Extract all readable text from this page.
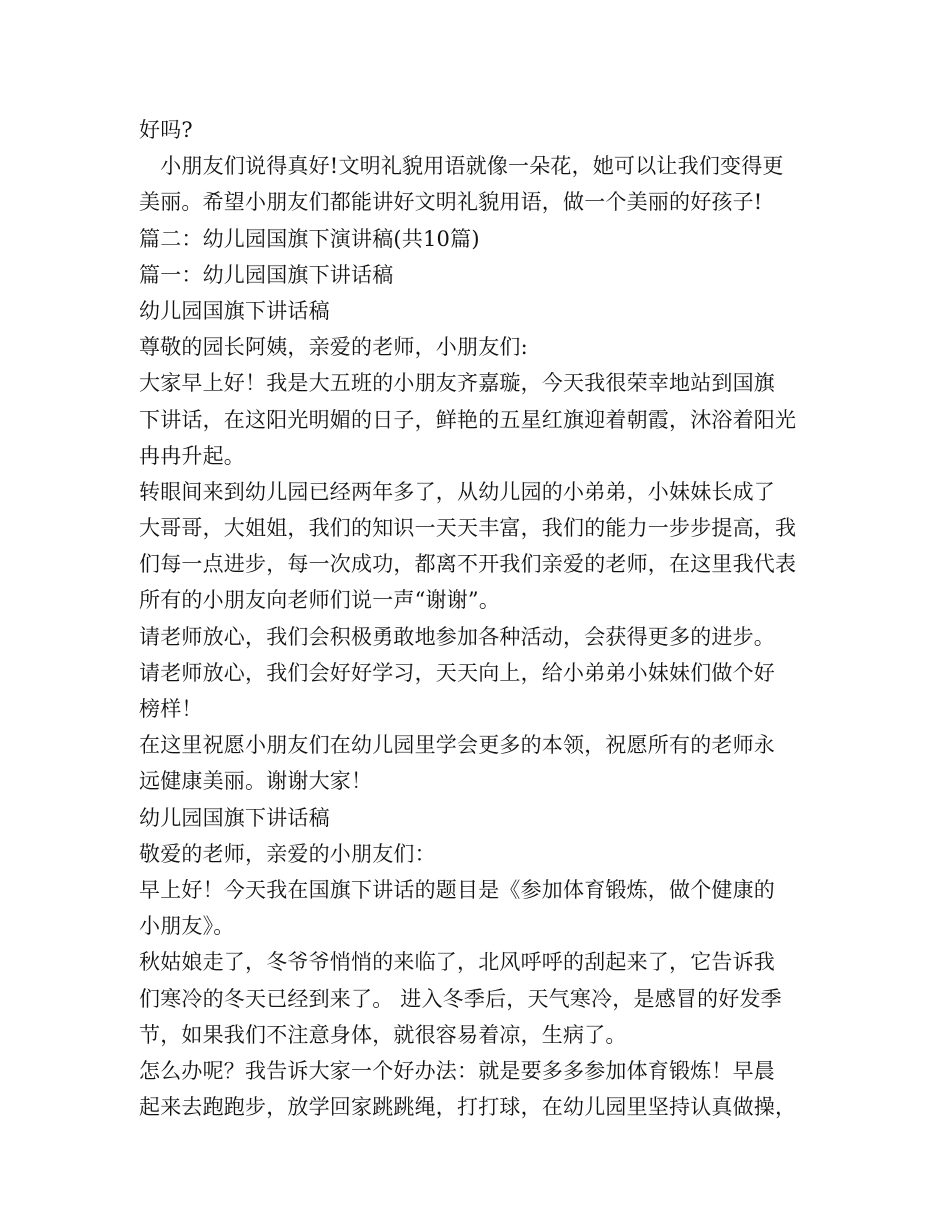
好吗?
　小朋友们说得真好!文明礼貌用语就像一朵花，她可以让我们变得更
美丽。希望小朋友们都能讲好文明礼貌用语，做一个美丽的好孩子!
篇二：幼儿园国旗下演讲稿(共10篇)
篇一：幼儿园国旗下讲话稿
幼儿园国旗下讲话稿
尊敬的园长阿姨，亲爱的老师，小朋友们:
大家早上好！我是大五班的小朋友齐嘉璇，今天我很荣幸地站到国旗
下讲话，在这阳光明媚的日子，鲜艳的五星红旗迎着朝霞，沐浴着阳光
冉冉升起。
转眼间来到幼儿园已经两年多了，从幼儿园的小弟弟，小妹妹长成了
大哥哥，大姐姐，我们的知识一天天丰富，我们的能力一步步提高，我
们每一点进步，每一次成功，都离不开我们亲爱的老师，在这里我代表
所有的小朋友向老师们说一声“谢谢”。
请老师放心，我们会积极勇敢地参加各种活动，会获得更多的进步。
请老师放心，我们会好好学习，天天向上，给小弟弟小妹妹们做个好
榜样！
在这里祝愿小朋友们在幼儿园里学会更多的本领，祝愿所有的老师永
远健康美丽。谢谢大家！
幼儿园国旗下讲话稿
敬爱的老师，亲爱的小朋友们：
早上好！今天我在国旗下讲话的题目是《参加体育锻炼，做个健康的
小朋友》。
秋姑娘走了，冬爷爷悄悄的来临了，北风呼呼的刮起来了，它告诉我
们寒冷的冬天已经到来了。 进入冬季后，天气寒冷，是感冒的好发季
节，如果我们不注意身体，就很容易着凉，生病了。
怎么办呢？我告诉大家一个好办法：就是要多多参加体育锻炼！早晨
起来去跑跑步，放学回家跳跳绳，打打球，在幼儿园里坚持认真做操，
